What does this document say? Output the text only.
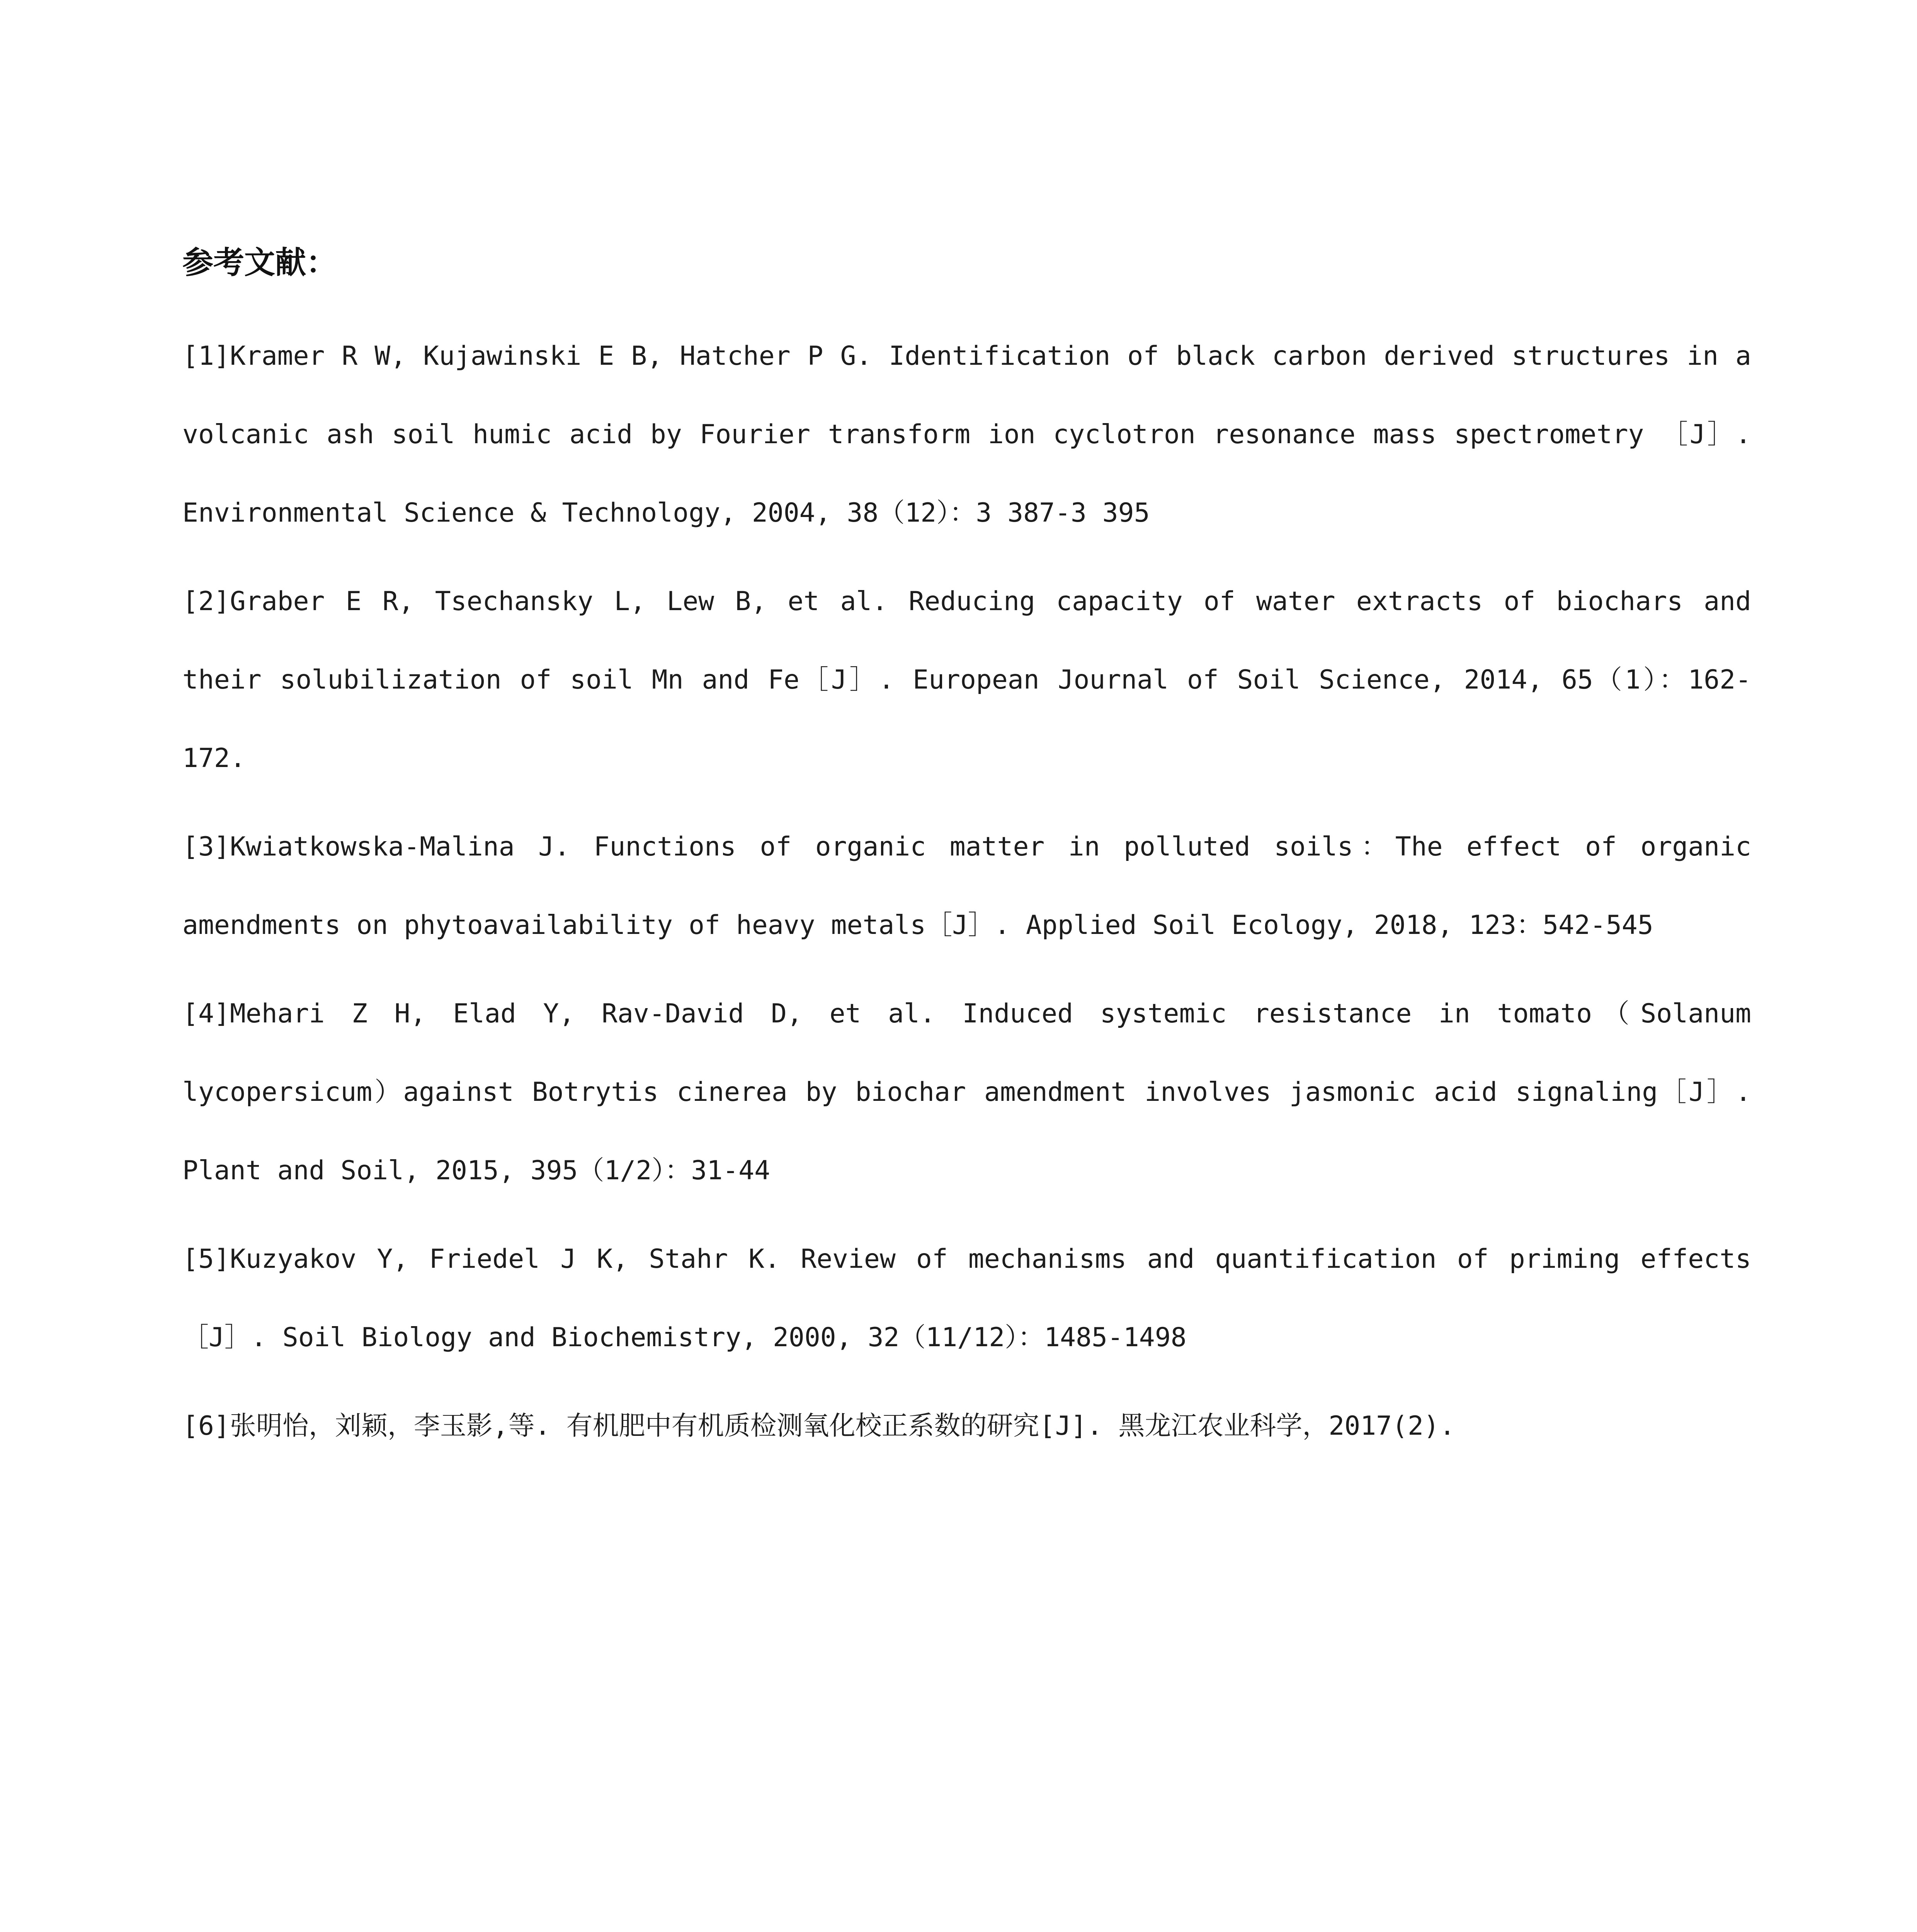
参考文献：
[1]Kramer R W, Kujawinski E B, Hatcher P G. Identification of black carbon derived structures in a volcanic ash soil humic acid by Fourier transform ion cyclotron resonance mass spectrometry ［J］. Environmental Science & Technology, 2004, 38（12）：3 387-3 395
[2]Graber E R, Tsechansky L, Lew B, et al. Reducing capacity of water extracts of biochars and their solubilization of soil Mn and Fe［J］. European Journal of Soil Science, 2014, 65（1）：162-172.
[3]Kwiatkowska-Malina J. Functions of organic matter in polluted soils：The effect of organic amendments on phytoavailability of heavy metals［J］. Applied Soil Ecology, 2018, 123：542-545
[4]Mehari Z H, Elad Y, Rav-David D, et al. Induced systemic resistance in tomato（Solanum lycopersicum）against Botrytis cinerea by biochar amendment involves jasmonic acid signaling［J］. Plant and Soil, 2015, 395（1/2）：31-44
[5]Kuzyakov Y, Friedel J K, Stahr K. Review of mechanisms and quantification of priming effects［J］. Soil Biology and Biochemistry, 2000, 32（11/12）：1485-1498
[6]张明怡，刘颖，李玉影,等. 有机肥中有机质检测氧化校正系数的研究[J]. 黑龙江农业科学，2017(2).
